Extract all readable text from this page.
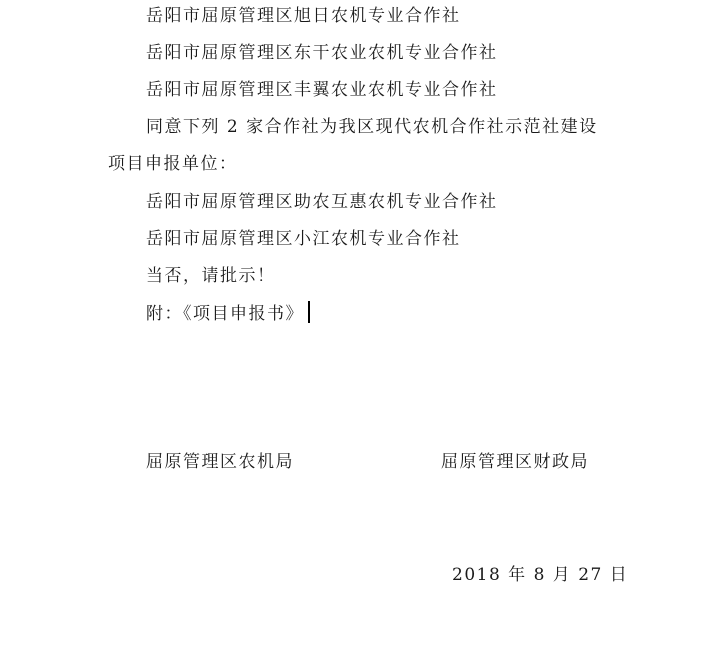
岳阳市屈原管理区旭日农机专业合作社
岳阳市屈原管理区东干农业农机专业合作社
岳阳市屈原管理区丰翼农业农机专业合作社
同意下列 2 家合作社为我区现代农机合作社示范社建设
项目申报单位：
岳阳市屈原管理区助农互惠农机专业合作社
岳阳市屈原管理区小江农机专业合作社
当否，请批示！
附：《项目申报书》
屈原管理区农机局	屈原管理区财政局
2018 年 8 月 27 日
